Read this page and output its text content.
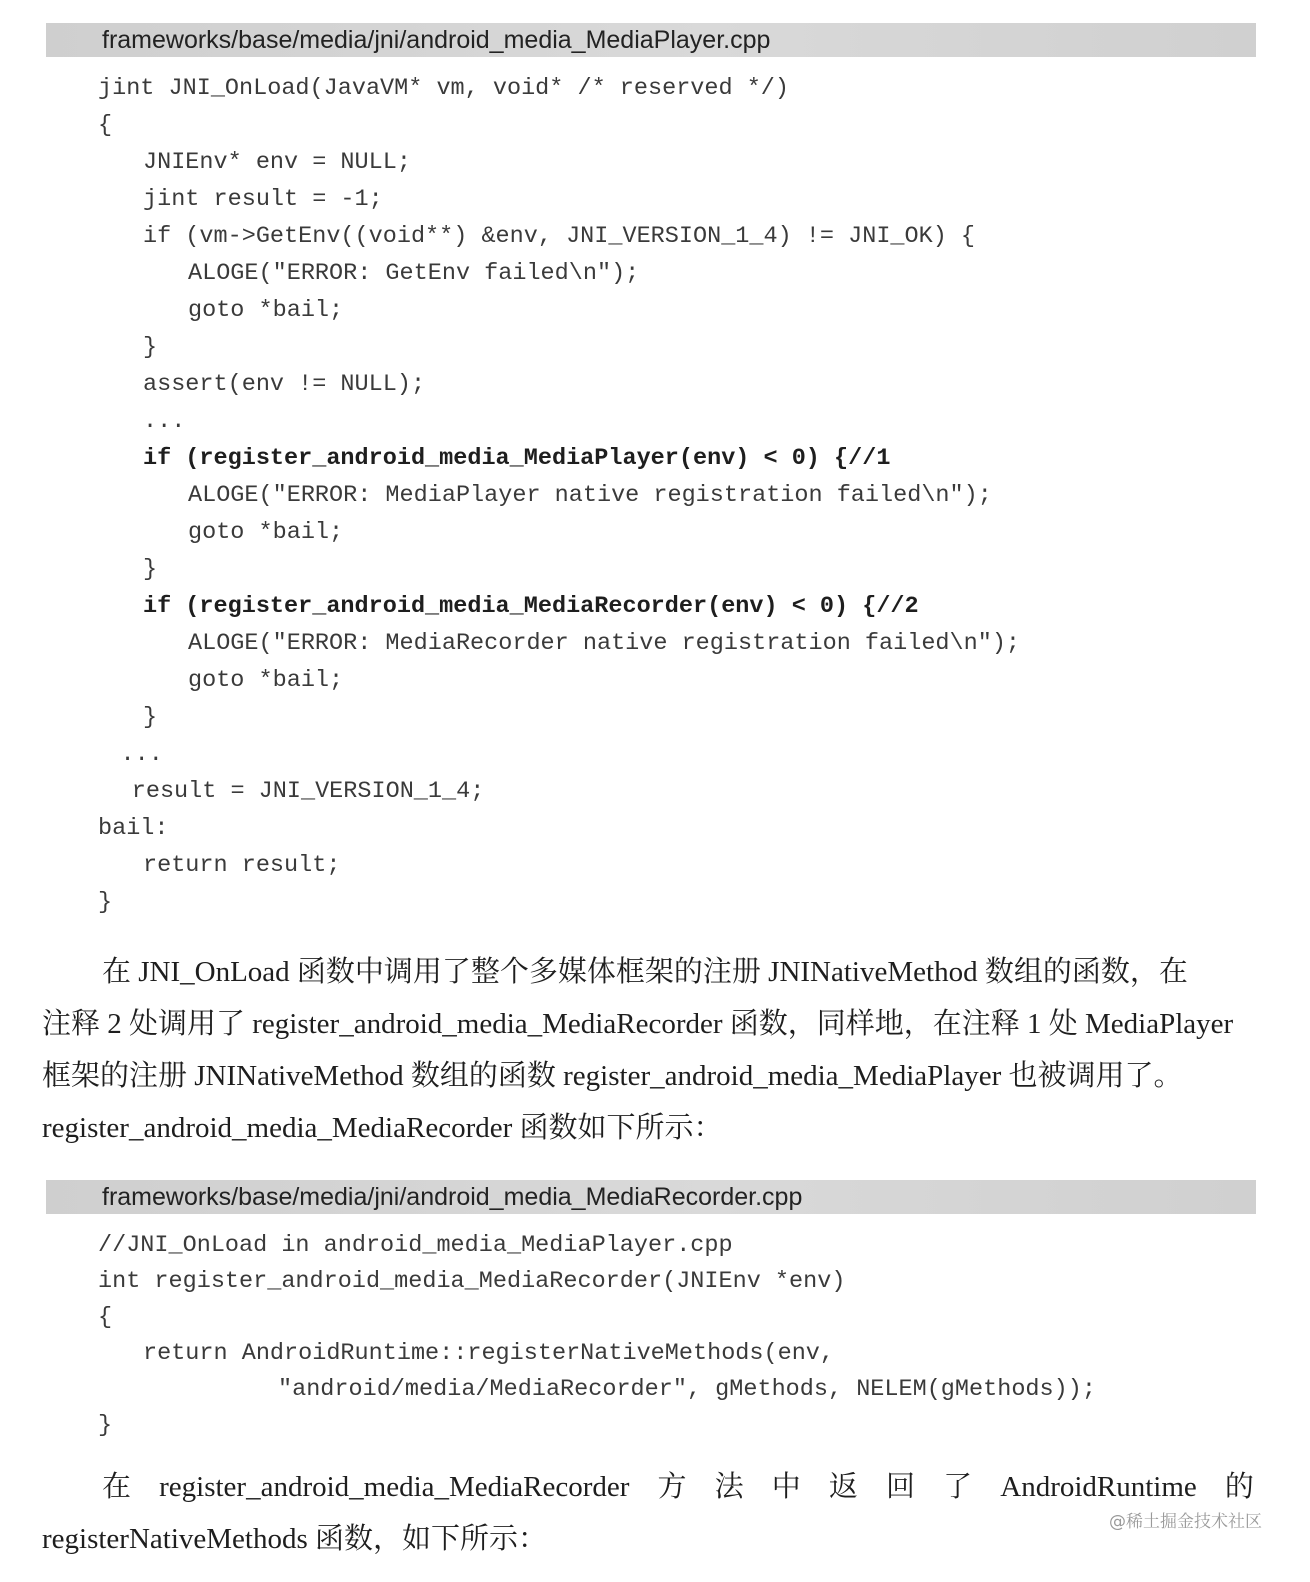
frameworks/base/media/jni/android_media_MediaPlayer.cpp
jint JNI_OnLoad(JavaVM* vm, void* /* reserved */)
{
JNIEnv* env = NULL;
jint result = -1;
if (vm->GetEnv((void**) &env, JNI_VERSION_1_4) != JNI_OK) {
ALOGE("ERROR: GetEnv failed\n");
goto *bail;
}
assert(env != NULL);
...
if (register_android_media_MediaPlayer(env) < 0) {//1
ALOGE("ERROR: MediaPlayer native registration failed\n");
goto *bail;
}
if (register_android_media_MediaRecorder(env) < 0) {//2
ALOGE("ERROR: MediaRecorder native registration failed\n");
goto *bail;
}
...
result = JNI_VERSION_1_4;
bail:
return result;
}
在 JNI_OnLoad 函数中调用了整个多媒体框架的注册 JNINativeMethod 数组的函数，在
注释 2 处调用了 register_android_media_MediaRecorder 函数，同样地，在注释 1 处 MediaPlayer
框架的注册 JNINativeMethod 数组的函数 register_android_media_MediaPlayer 也被调用了。
register_android_media_MediaRecorder 函数如下所示：
frameworks/base/media/jni/android_media_MediaRecorder.cpp
//JNI_OnLoad in android_media_MediaPlayer.cpp
int register_android_media_MediaRecorder(JNIEnv *env)
{
return AndroidRuntime::registerNativeMethods(env,
"android/media/MediaRecorder", gMethods, NELEM(gMethods));
}
在 register_android_media_MediaRecorder 方 法 中 返 回 了 AndroidRuntime 的
registerNativeMethods 函数，如下所示：
@稀土掘金技术社区
